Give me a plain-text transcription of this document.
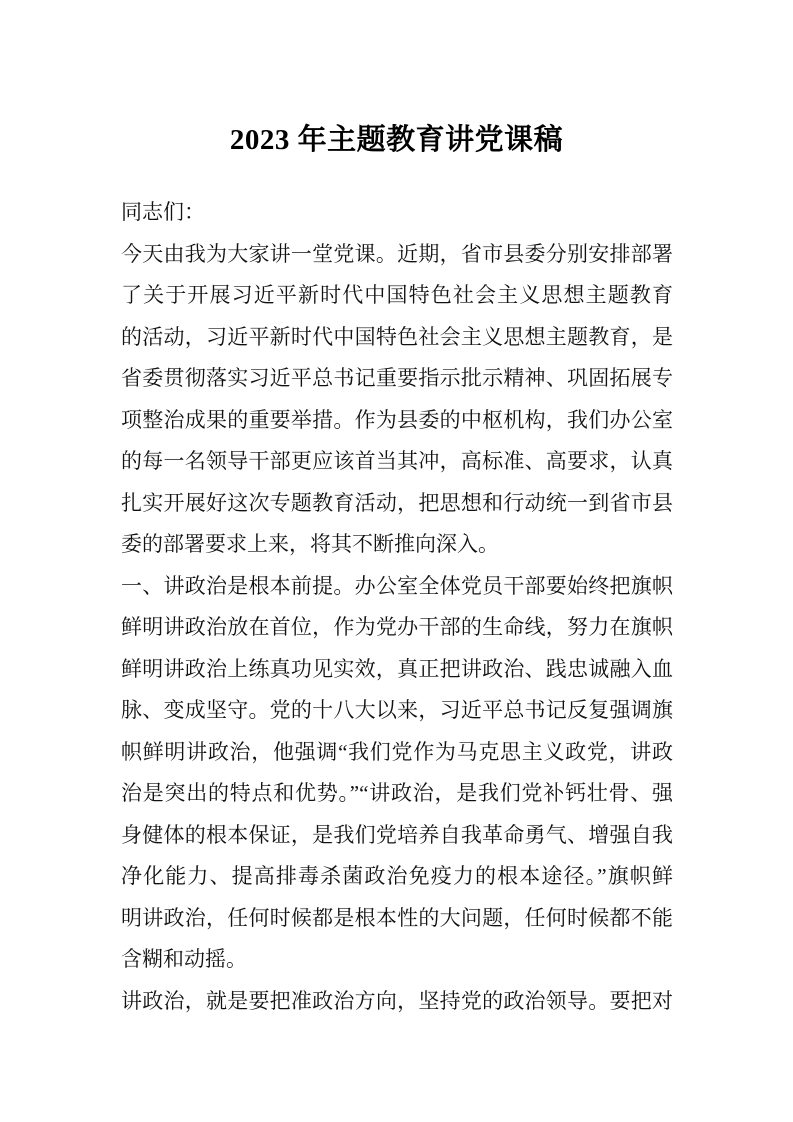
2023 年主题教育讲党课稿
同志们：
今天由我为大家讲一堂党课。近期，省市县委分别安排部署
了关于开展习近平新时代中国特色社会主义思想主题教育
的活动，习近平新时代中国特色社会主义思想主题教育，是
省委贯彻落实习近平总书记重要指示批示精神、巩固拓展专
项整治成果的重要举措。作为县委的中枢机构，我们办公室
的每一名领导干部更应该首当其冲，高标准、高要求，认真
扎实开展好这次专题教育活动，把思想和行动统一到省市县
委的部署要求上来，将其不断推向深入。
一、讲政治是根本前提。办公室全体党员干部要始终把旗帜
鲜明讲政治放在首位，作为党办干部的生命线，努力在旗帜
鲜明讲政治上练真功见实效，真正把讲政治、践忠诚融入血
脉、变成坚守。党的十八大以来，习近平总书记反复强调旗
帜鲜明讲政治，他强调“我们党作为马克思主义政党，讲政
治是突出的特点和优势。”“讲政治，是我们党补钙壮骨、强
身健体的根本保证，是我们党培养自我革命勇气、增强自我
净化能力、提高排毒杀菌政治免疫力的根本途径。”旗帜鲜
明讲政治，任何时候都是根本性的大问题，任何时候都不能
含糊和动摇。
讲政治，就是要把准政治方向，坚持党的政治领导。要把对
